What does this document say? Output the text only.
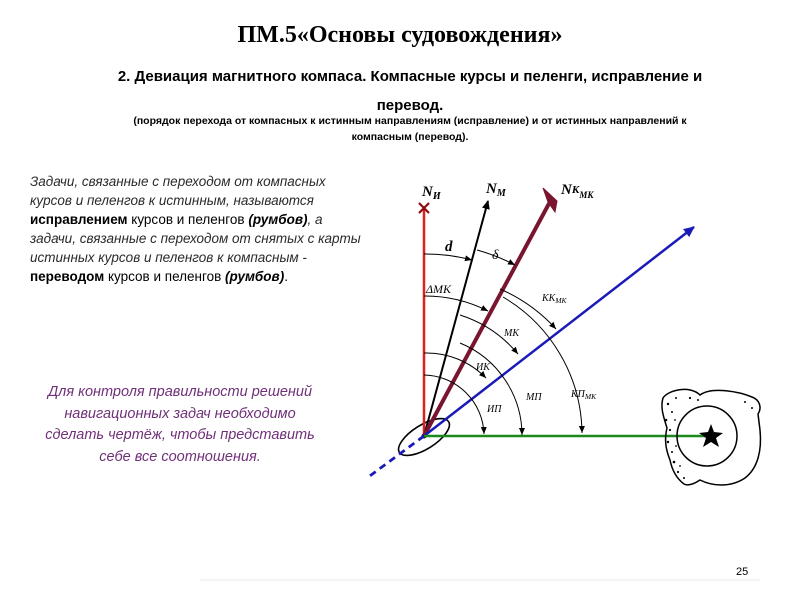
ПМ.5«Основы судовождения»
2. Девиация магнитного компаса. Компасные курсы и пеленги, исправление и
перевод.
(порядок перехода от компасных к истинным направлениям (исправление) и от истинных направлений к
компасным (перевод).
Задачи, связанные с переходом от компасных курсов и пеленгов к истинным, называются исправлением курсов и пеленгов (румбов), а задачи, связанные с переходом от снятых с карты истинных курсов и пеленгов к компасным - переводом курсов и пеленгов (румбов).
Для контроля правильности решений навигационных задач необходимо сделать чертёж, чтобы представить себе все соотношения.
25
$N_И$	$N_М$	$NК_{МК}$
d
δ
ΔМК
$КК_{МК}$
МК
ИК
МП
ИП
$КП_{МК}$
